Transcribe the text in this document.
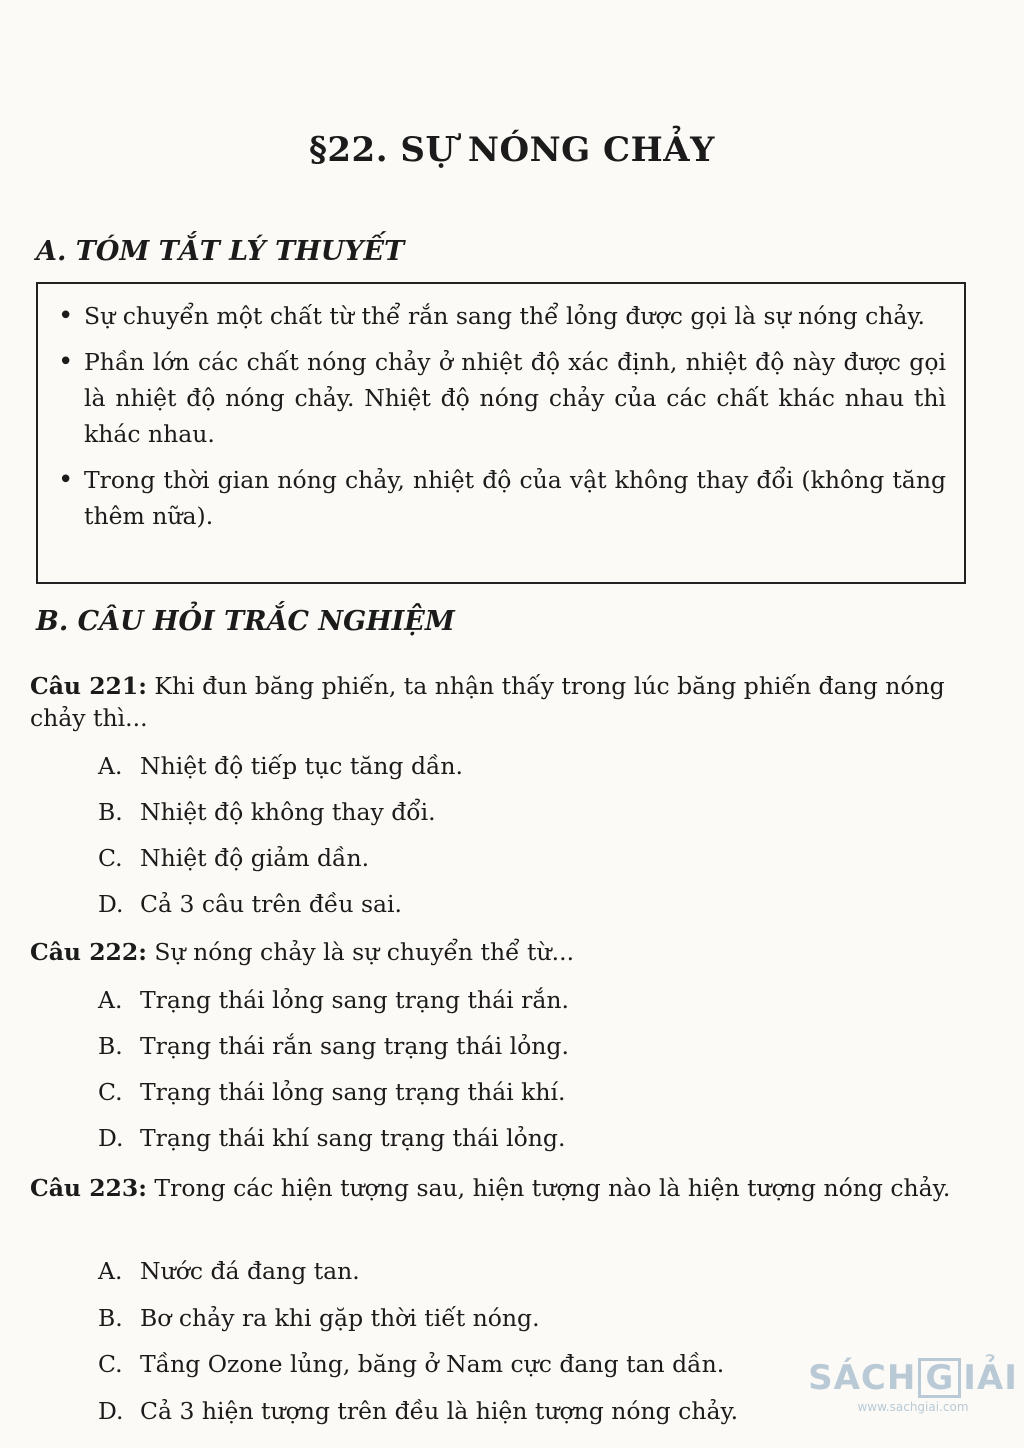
§22. SỰ NÓNG CHẢY
A. TÓM TẮT LÝ THUYẾT
• Sự chuyển một chất từ thể rắn sang thể lỏng được gọi là sự nóng chảy.
• Phần lớn các chất nóng chảy ở nhiệt độ xác định, nhiệt độ này được gọi là nhiệt độ nóng chảy. Nhiệt độ nóng chảy của các chất khác nhau thì khác nhau.
• Trong thời gian nóng chảy, nhiệt độ của vật không thay đổi (không tăng thêm nữa).
B. CÂU HỎI TRẮC NGHIỆM
Câu 221: Khi đun băng phiến, ta nhận thấy trong lúc băng phiến đang nóng chảy thì...
A. Nhiệt độ tiếp tục tăng dần.
B. Nhiệt độ không thay đổi.
C. Nhiệt độ giảm dần.
D. Cả 3 câu trên đều sai.
Câu 222: Sự nóng chảy là sự chuyển thể từ...
A. Trạng thái lỏng sang trạng thái rắn.
B. Trạng thái rắn sang trạng thái lỏng.
C. Trạng thái lỏng sang trạng thái khí.
D. Trạng thái khí sang trạng thái lỏng.
Câu 223: Trong các hiện tượng sau, hiện tượng nào là hiện tượng nóng chảy.
A. Nước đá đang tan.
B. Bơ chảy ra khi gặp thời tiết nóng.
C. Tầng Ozone lủng, băng ở Nam cực đang tan dần.
D. Cả 3 hiện tượng trên đều là hiện tượng nóng chảy.
SÁCH G IẢI
www.sachgiai.com
